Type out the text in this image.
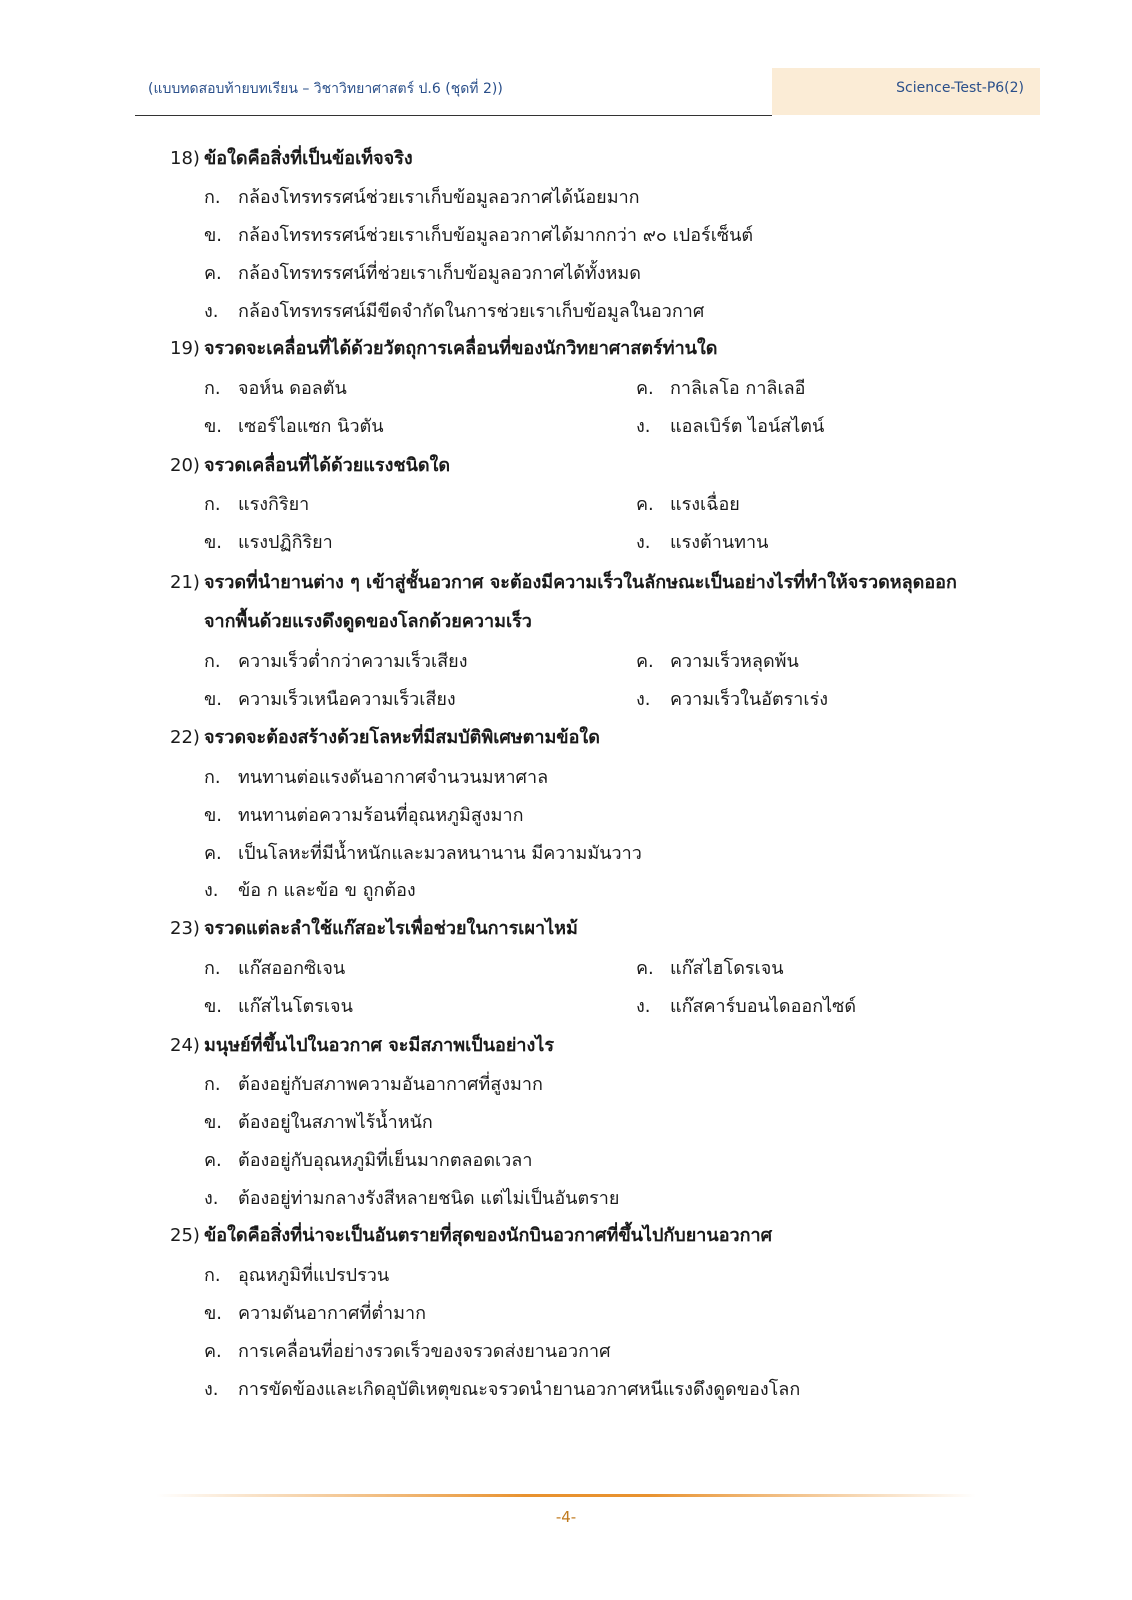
(แบบทดสอบท้ายบทเรียน – วิชาวิทยาศาสตร์ ป.6 (ชุดที่ 2))	Science-Test-P6(2)
18) ข้อใดคือสิ่งที่เป็นข้อเท็จจริง
ก. กล้องโทรทรรศน์ช่วยเราเก็บข้อมูลอวกาศได้น้อยมาก
ข. กล้องโทรทรรศน์ช่วยเราเก็บข้อมูลอวกาศได้มากกว่า ๙๐ เปอร์เซ็นต์
ค. กล้องโทรทรรศน์ที่ช่วยเราเก็บข้อมูลอวกาศได้ทั้งหมด
ง. กล้องโทรทรรศน์มีขีดจำกัดในการช่วยเราเก็บข้อมูลในอวกาศ
19) จรวดจะเคลื่อนที่ได้ด้วยวัตถุการเคลื่อนที่ของนักวิทยาศาสตร์ท่านใด
ก. จอห์น ดอลตัน	ค. กาลิเลโอ กาลิเลอี
ข. เซอร์ไอแซก นิวตัน	ง. แอลเบิร์ต ไอน์สไตน์
20) จรวดเคลื่อนที่ได้ด้วยแรงชนิดใด
ก. แรงกิริยา	ค. แรงเฉื่อย
ข. แรงปฏิกิริยา	ง. แรงต้านทาน
21) จรวดที่นำยานต่าง ๆ เข้าสู่ชั้นอวกาศ จะต้องมีความเร็วในลักษณะเป็นอย่างไรที่ทำให้จรวดหลุดออก
จากพื้นด้วยแรงดึงดูดของโลกด้วยความเร็ว
ก. ความเร็วต่ำกว่าความเร็วเสียง	ค. ความเร็วหลุดพ้น
ข. ความเร็วเหนือความเร็วเสียง	ง. ความเร็วในอัตราเร่ง
22) จรวดจะต้องสร้างด้วยโลหะที่มีสมบัติพิเศษตามข้อใด
ก. ทนทานต่อแรงดันอากาศจำนวนมหาศาล
ข. ทนทานต่อความร้อนที่อุณหภูมิสูงมาก
ค. เป็นโลหะที่มีน้ำหนักและมวลหนานาน มีความมันวาว
ง. ข้อ ก และข้อ ข ถูกต้อง
23) จรวดแต่ละลำใช้แก๊สอะไรเพื่อช่วยในการเผาไหม้
ก. แก๊สออกซิเจน	ค. แก๊สไฮโดรเจน
ข. แก๊สไนโตรเจน	ง. แก๊สคาร์บอนไดออกไซด์
24) มนุษย์ที่ขึ้นไปในอวกาศ จะมีสภาพเป็นอย่างไร
ก. ต้องอยู่กับสภาพความอันอากาศที่สูงมาก
ข. ต้องอยู่ในสภาพไร้น้ำหนัก
ค. ต้องอยู่กับอุณหภูมิที่เย็นมากตลอดเวลา
ง. ต้องอยู่ท่ามกลางรังสีหลายชนิด แต่ไม่เป็นอันตราย
25) ข้อใดคือสิ่งที่น่าจะเป็นอันตรายที่สุดของนักบินอวกาศที่ขึ้นไปกับยานอวกาศ
ก. อุณหภูมิที่แปรปรวน
ข. ความดันอากาศที่ต่ำมาก
ค. การเคลื่อนที่อย่างรวดเร็วของจรวดส่งยานอวกาศ
ง. การขัดข้องและเกิดอุบัติเหตุขณะจรวดนำยานอวกาศหนีแรงดึงดูดของโลก
-4-
